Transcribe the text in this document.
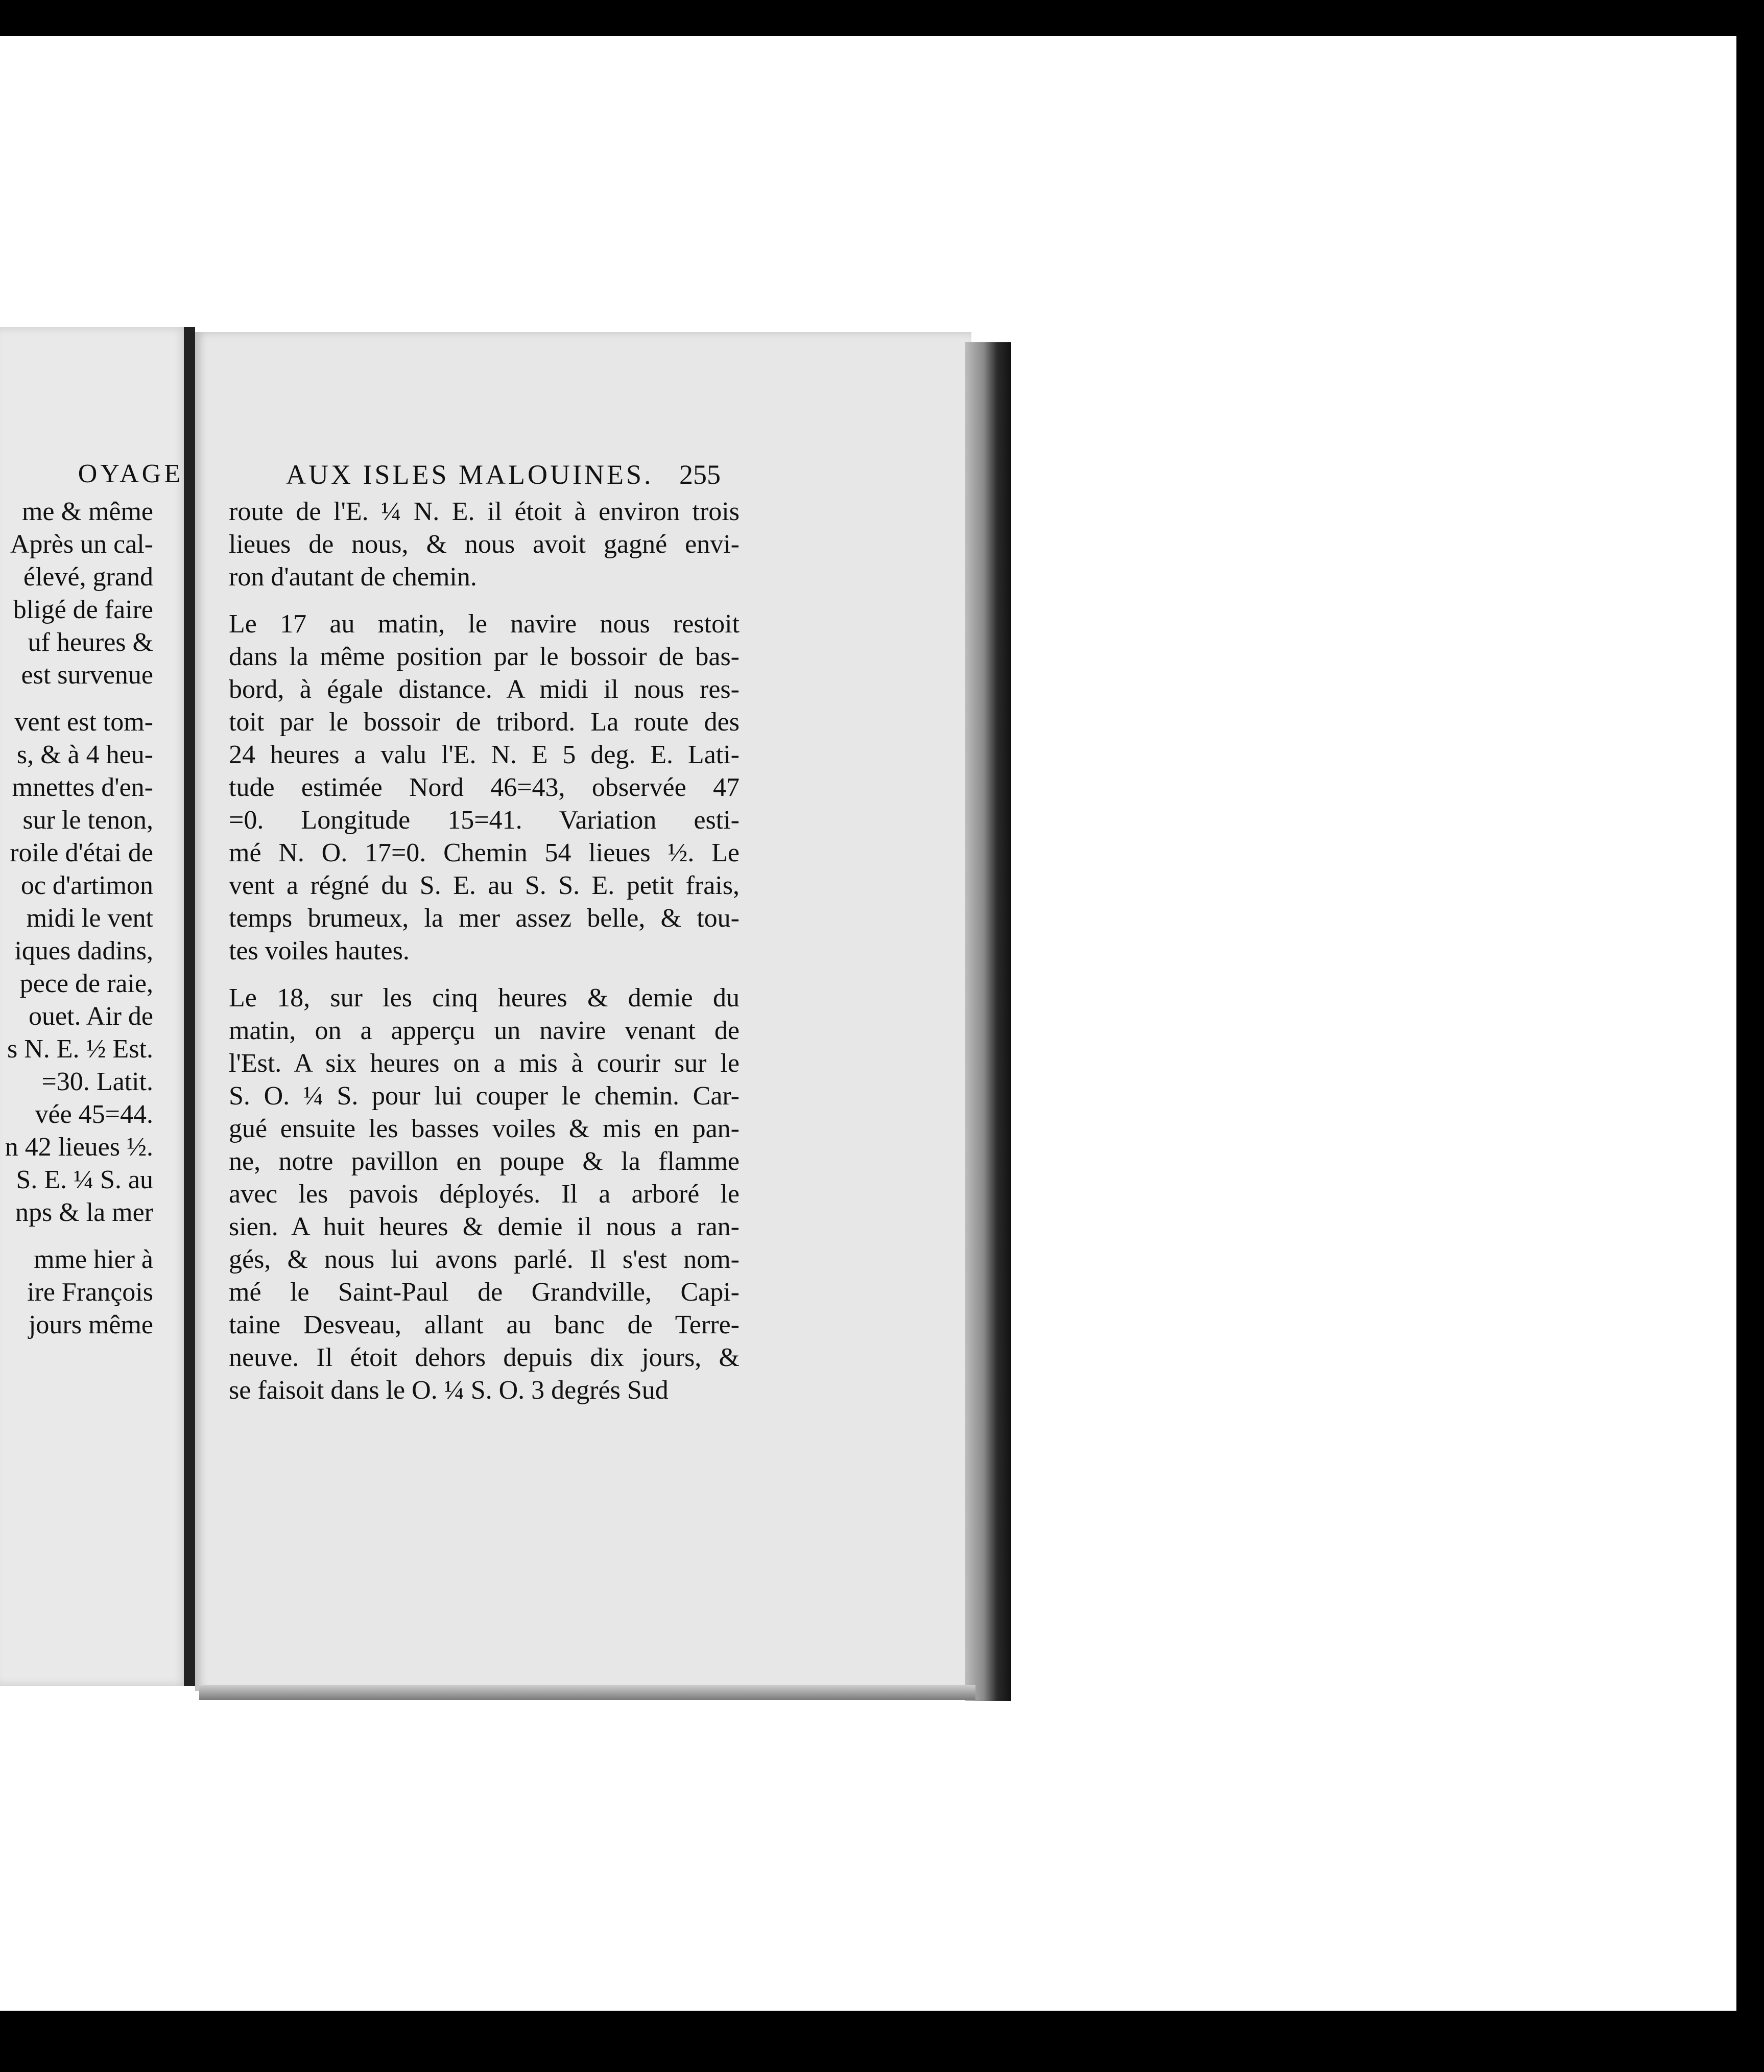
OYAGE
me & même
Après un cal-
élevé, grand
bligé de faire
uf heures &
est survenue
vent est tom-
s, & à 4 heu-
mnettes d'en-
sur le tenon,
roile d'étai de
oc d'artimon
midi le vent
iques dadins,
pece de raie,
ouet. Air de
s N. E. ½ Est.
=30. Latit.
vée 45=44.
n 42 lieues ½.
S. E. ¼ S. au
nps & la mer
mme hier à
ire François
jours même
AUX ISLES MALOUINES. 255
route de l'E. ¼ N. E. il étoit à environ trois
lieues de nous, & nous avoit gagné envi-
ron d'autant de chemin.
Le 17 au matin, le navire nous restoit
dans la même position par le bossoir de bas-
bord, à égale distance. A midi il nous res-
toit par le bossoir de tribord. La route des
24 heures a valu l'E. N. E 5 deg. E. Lati-
tude estimée Nord 46=43, observée 47
=0. Longitude 15=41. Variation esti-
mé N. O. 17=0. Chemin 54 lieues ½. Le
vent a régné du S. E. au S. S. E. petit frais,
temps brumeux, la mer assez belle, & tou-
tes voiles hautes.
Le 18, sur les cinq heures & demie du
matin, on a apperçu un navire venant de
l'Est. A six heures on a mis à courir sur le
S. O. ¼ S. pour lui couper le chemin. Car-
gué ensuite les basses voiles & mis en pan-
ne, notre pavillon en poupe & la flamme
avec les pavois déployés. Il a arboré le
sien. A huit heures & demie il nous a ran-
gés, & nous lui avons parlé. Il s'est nom-
mé le Saint-Paul de Grandville, Capi-
taine Desveau, allant au banc de Terre-
neuve. Il étoit dehors depuis dix jours, &
se faisoit dans le O. ¼ S. O. 3 degrés Sud
